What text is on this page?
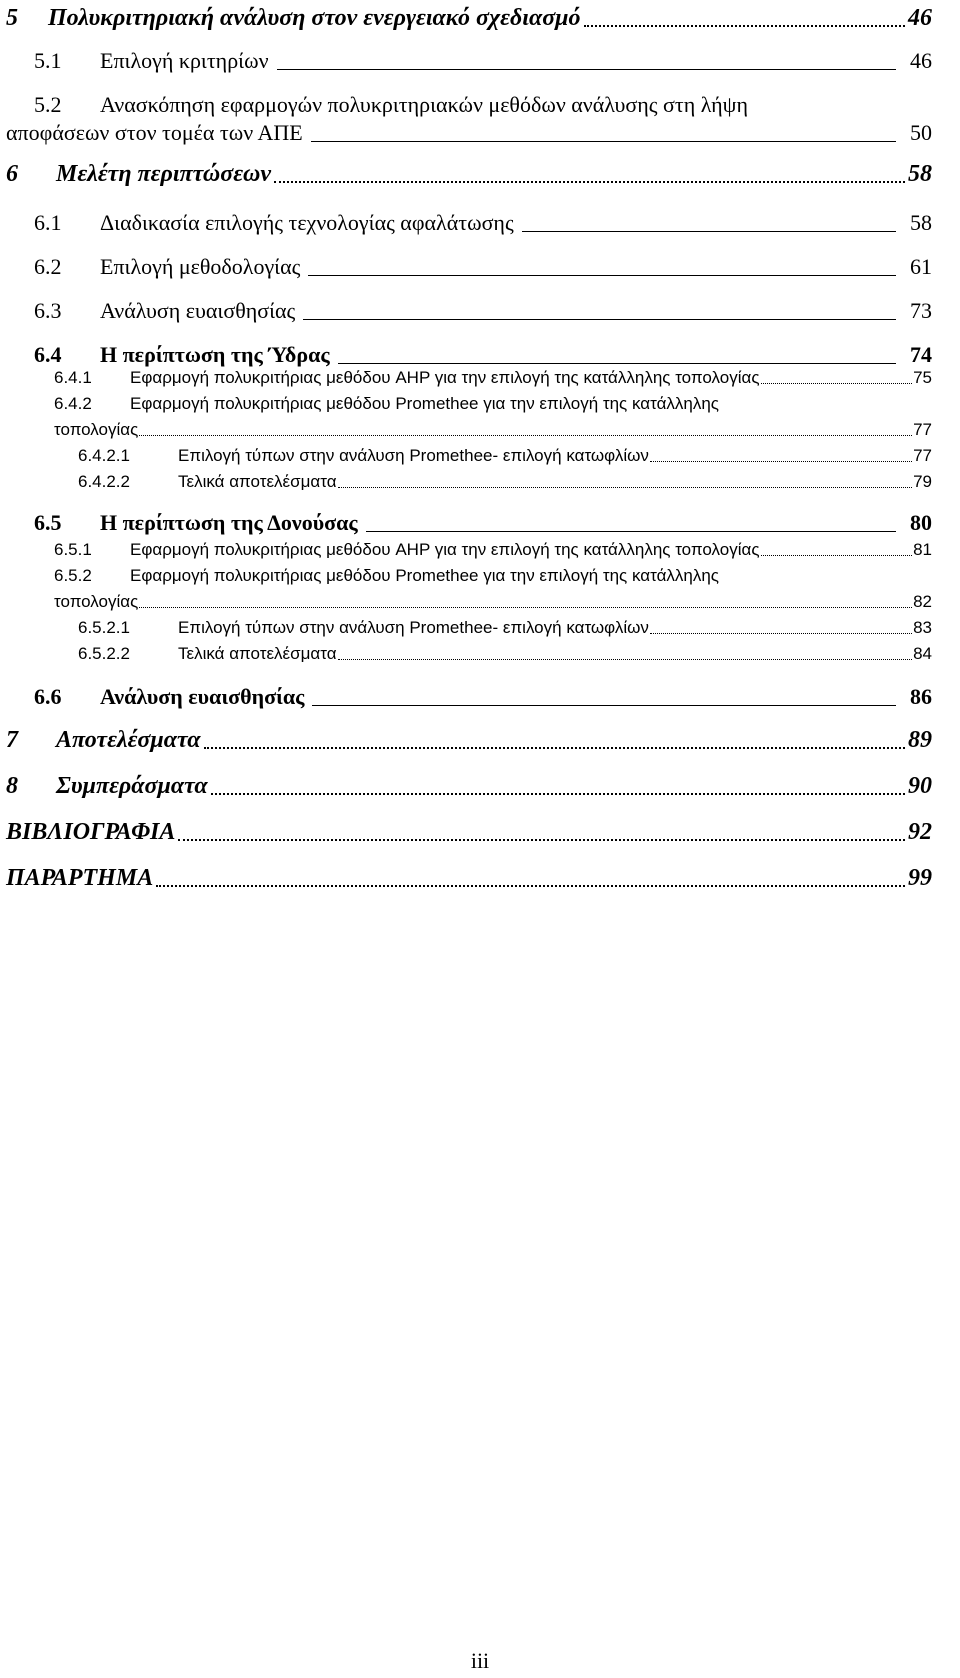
5	Πολυκριτηριακή ανάλυση στον ενεργειακό σχεδιασμό	46
5.1	Επιλογή κριτηρίων	46
5.2	Ανασκόπηση εφαρμογών πολυκριτηριακών μεθόδων ανάλυσης στη λήψη
αποφάσεων στον τομέα των ΑΠΕ	50
6	Μελέτη περιπτώσεων	58
6.1	Διαδικασία επιλογής τεχνολογίας αφαλάτωσης	58
6.2	Επιλογή μεθοδολογίας	61
6.3	Ανάλυση ευαισθησίας	73
6.4	Η περίπτωση της Ύδρας	74
6.4.1	Εφαρμογή πολυκριτήριας μεθόδου AHP για την επιλογή της κατάλληλης τοπολογίας	75
6.4.2	Εφαρμογή πολυκριτήριας μεθόδου Promethee για την επιλογή της κατάλληλης
τοπολογίας	77
6.4.2.1	Επιλογή τύπων στην ανάλυση Promethee- επιλογή κατωφλίων	77
6.4.2.2	Τελικά αποτελέσματα	79
6.5	Η περίπτωση της Δονούσας	80
6.5.1	Εφαρμογή πολυκριτήριας μεθόδου AHP για την επιλογή της κατάλληλης τοπολογίας	81
6.5.2	Εφαρμογή πολυκριτήριας μεθόδου Promethee για την επιλογή της κατάλληλης
τοπολογίας	82
6.5.2.1	Επιλογή τύπων στην ανάλυση Promethee- επιλογή κατωφλίων	83
6.5.2.2	Τελικά αποτελέσματα	84
6.6	Ανάλυση ευαισθησίας	86
7	Αποτελέσματα	89
8	Συμπεράσματα	90
ΒΙΒΛΙΟΓΡΑΦΙΑ	92
ΠΑΡΑΡΤΗΜΑ	99
iii
